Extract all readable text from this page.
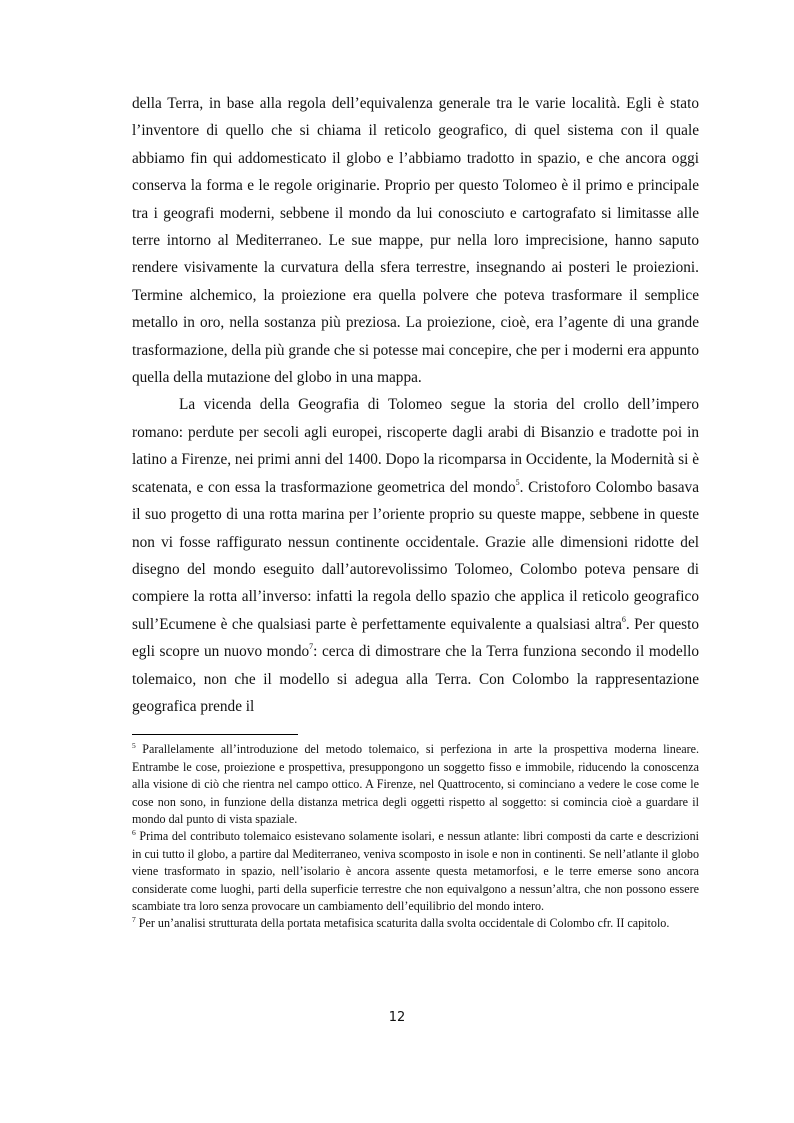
della Terra, in base alla regola dell’equivalenza generale tra le varie località. Egli è stato l’inventore di quello che si chiama il reticolo geografico, di quel sistema con il quale abbiamo fin qui addomesticato il globo e l’abbiamo tradotto in spazio, e che ancora oggi conserva la forma e le regole originarie. Proprio per questo Tolomeo è il primo e principale tra i geografi moderni, sebbene il mondo da lui conosciuto e cartografato si limitasse alle terre intorno al Mediterraneo. Le sue mappe, pur nella loro imprecisione, hanno saputo rendere visivamente la curvatura della sfera terrestre, insegnando ai posteri le proiezioni. Termine alchemico, la proiezione era quella polvere che poteva trasformare il semplice metallo in oro, nella sostanza più preziosa. La proiezione, cioè, era l’agente di una grande trasformazione, della più grande che si potesse mai concepire, che per i moderni era appunto quella della mutazione del globo in una mappa.

La vicenda della Geografia di Tolomeo segue la storia del crollo dell’impero romano: perdute per secoli agli europei, riscoperte dagli arabi di Bisanzio e tradotte poi in latino a Firenze, nei primi anni del 1400. Dopo la ricomparsa in Occidente, la Modernità si è scatenata, e con essa la trasformazione geometrica del mondo$^5$. Cristoforo Colombo basava il suo progetto di una rotta marina per l’oriente proprio su queste mappe, sebbene in queste non vi fosse raffigurato nessun continente occidentale. Grazie alle dimensioni ridotte del disegno del mondo eseguito dall’autorevolissimo Tolomeo, Colombo poteva pensare di compiere la rotta all’inverso: infatti la regola dello spazio che applica il reticolo geografico sull’Ecumene è che qualsiasi parte è perfettamente equivalente a qualsiasi altra$^6$. Per questo egli scopre un nuovo mondo$^7$: cerca di dimostrare che la Terra funziona secondo il modello tolemaico, non che il modello si adegua alla Terra. Con Colombo la rappresentazione geografica prende il

$^5$ Parallelamente all’introduzione del metodo tolemaico, si perfeziona in arte la prospettiva moderna lineare. Entrambe le cose, proiezione e prospettiva, presuppongono un soggetto fisso e immobile, riducendo la conoscenza alla visione di ciò che rientra nel campo ottico. A Firenze, nel Quattrocento, si cominciano a vedere le cose come le cose non sono, in funzione della distanza metrica degli oggetti rispetto al soggetto: si comincia cioè a guardare il mondo dal punto di vista spaziale.

$^6$ Prima del contributo tolemaico esistevano solamente isolari, e nessun atlante: libri composti da carte e descrizioni in cui tutto il globo, a partire dal Mediterraneo, veniva scomposto in isole e non in continenti. Se nell’atlante il globo viene trasformato in spazio, nell’isolario è ancora assente questa metamorfosi, e le terre emerse sono ancora considerate come luoghi, parti della superficie terrestre che non equivalgono a nessun’altra, che non possono essere scambiate tra loro senza provocare un cambiamento dell’equilibrio del mondo intero.

$^7$ Per un’analisi strutturata della portata metafisica scaturita dalla svolta occidentale di Colombo cfr. II capitolo.

12
